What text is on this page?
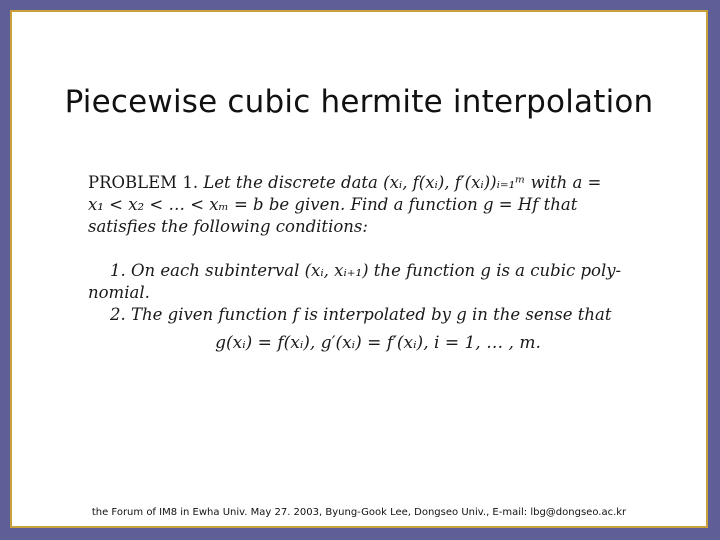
Piecewise cubic hermite interpolation
PROBLEM 1. Let the discrete data (xᵢ, f(xᵢ), f′(xᵢ))ᵢ₌₁ᵐ with a =
x₁ < x₂ < … < xₘ = b be given. Find a function g = Hf that
satisfies the following conditions:
1. On each subinterval (xᵢ, xᵢ₊₁) the function g is a cubic poly-
nomial.
2. The given function f is interpolated by g in the sense that
g(xᵢ) = f(xᵢ), g′(xᵢ) = f′(xᵢ), i = 1, … , m.
the Forum of IM8 in Ewha Univ. May 27. 2003, Byung-Gook Lee, Dongseo Univ., E-mail: lbg@dongseo.ac.kr
